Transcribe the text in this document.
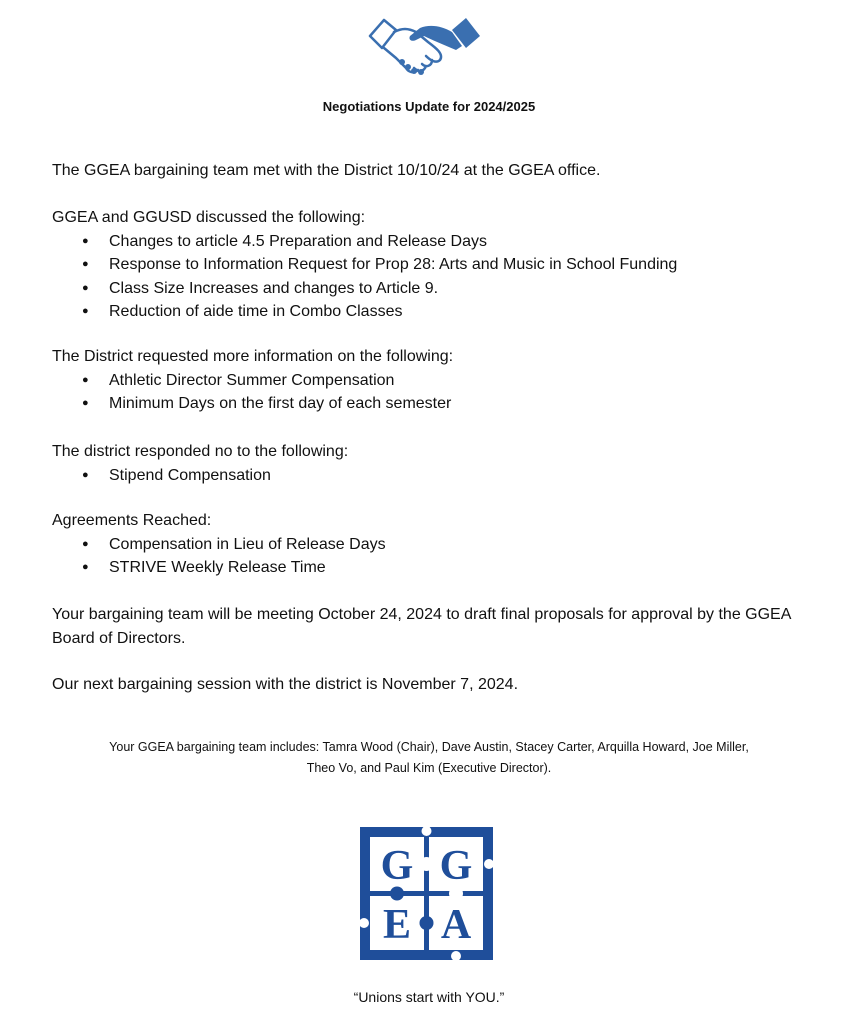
Negotiations Update for 2024/2025

The GGEA bargaining team met with the District 10/10/24 at the GGEA office.

GGEA and GGUSD discussed the following:

● Changes to article 4.5 Preparation and Release Days
● Response to Information Request for Prop 28: Arts and Music in School Funding
● Class Size Increases and changes to Article 9.
● Reduction of aide time in Combo Classes

The District requested more information on the following:

● Athletic Director Summer Compensation
● Minimum Days on the first day of each semester

The district responded no to the following:

● Stipend Compensation

Agreements Reached:

● Compensation in Lieu of Release Days
● STRIVE Weekly Release Time

Your bargaining team will be meeting October 24, 2024 to draft final proposals for approval by the GGEA Board of Directors.

Our next bargaining session with the district is November 7, 2024.

Your GGEA bargaining team includes: Tamra Wood (Chair), Dave Austin, Stacey Carter, Arquilla Howard, Joe Miller,
Theo Vo, and Paul Kim (Executive Director).
G G
E A
“Unions start with YOU.”
